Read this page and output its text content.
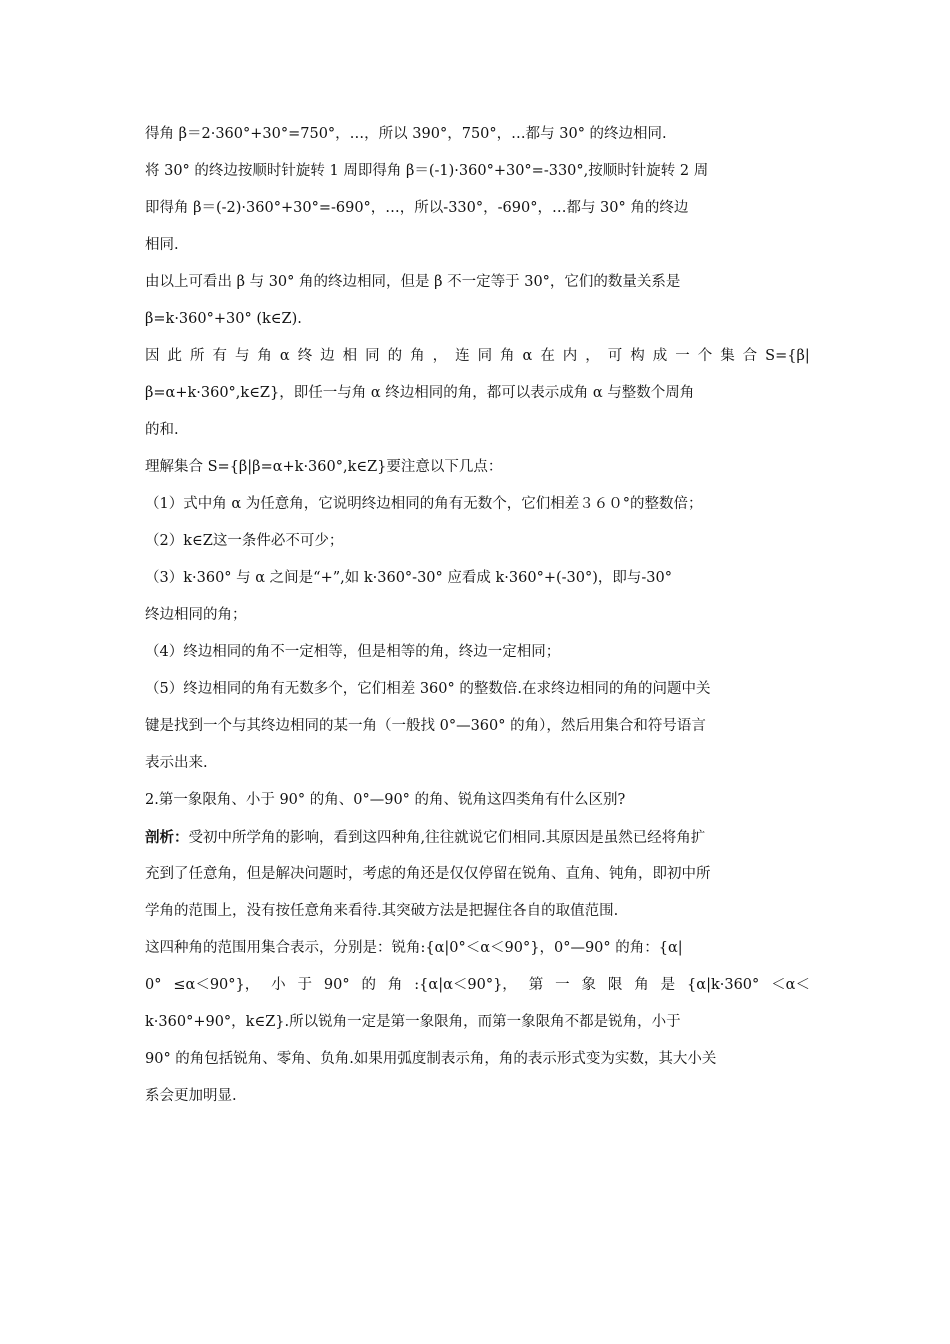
得角 β＝2·360°+30°=750°，…，所以 390°，750°，…都与 30° 的终边相同.
将 30° 的终边按顺时针旋转 1 周即得角 β＝(-1)·360°+30°=-330°,按顺时针旋转 2 周
即得角 β＝(-2)·360°+30°=-690°，…，所以-330°，-690°，…都与 30° 角的终边
相同.
由以上可看出 β 与 30° 角的终边相同，但是 β 不一定等于 30°，它们的数量关系是
β=k·360°+30° (k∈Z).
因 此 所 有 与 角 α 终 边 相 同 的 角 ， 连 同 角 α 在 内 ， 可 构 成 一 个 集 合 S={β|
β=α+k·360°,k∈Z}，即任一与角 α 终边相同的角，都可以表示成角 α 与整数个周角
的和.
理解集合 S={β|β=α+k·360°,k∈Z}要注意以下几点：
（1）式中角 α 为任意角，它说明终边相同的角有无数个，它们相差３６０°的整数倍；
（2）k∈Z这一条件必不可少；
（3）k·360° 与 α 之间是“+”,如 k·360°-30° 应看成 k·360°+(-30°)，即与-30°
终边相同的角；
（4）终边相同的角不一定相等，但是相等的角，终边一定相同；
（5）终边相同的角有无数多个，它们相差 360° 的整数倍.在求终边相同的角的问题中关
键是找到一个与其终边相同的某一角（一般找 0°—360° 的角），然后用集合和符号语言
表示出来.
2.第一象限角、小于 90° 的角、0°—90° 的角、锐角这四类角有什么区别?
剖析：受初中所学角的影响，看到这四种角,往往就说它们相同.其原因是虽然已经将角扩
充到了任意角，但是解决问题时，考虑的角还是仅仅停留在锐角、直角、钝角，即初中所
学角的范围上，没有按任意角来看待.其突破方法是把握住各自的取值范围.
这四种角的范围用集合表示，分别是：锐角:{α|0°＜α＜90°}，0°—90° 的角：{α|
0° ≤α＜90°}， 小 于 90° 的 角 :{α|α＜90°}， 第 一 象 限 角 是 {α|k·360° ＜α＜
k·360°+90°，k∈Z}.所以锐角一定是第一象限角，而第一象限角不都是锐角，小于
90° 的角包括锐角、零角、负角.如果用弧度制表示角，角的表示形式变为实数，其大小关
系会更加明显.
